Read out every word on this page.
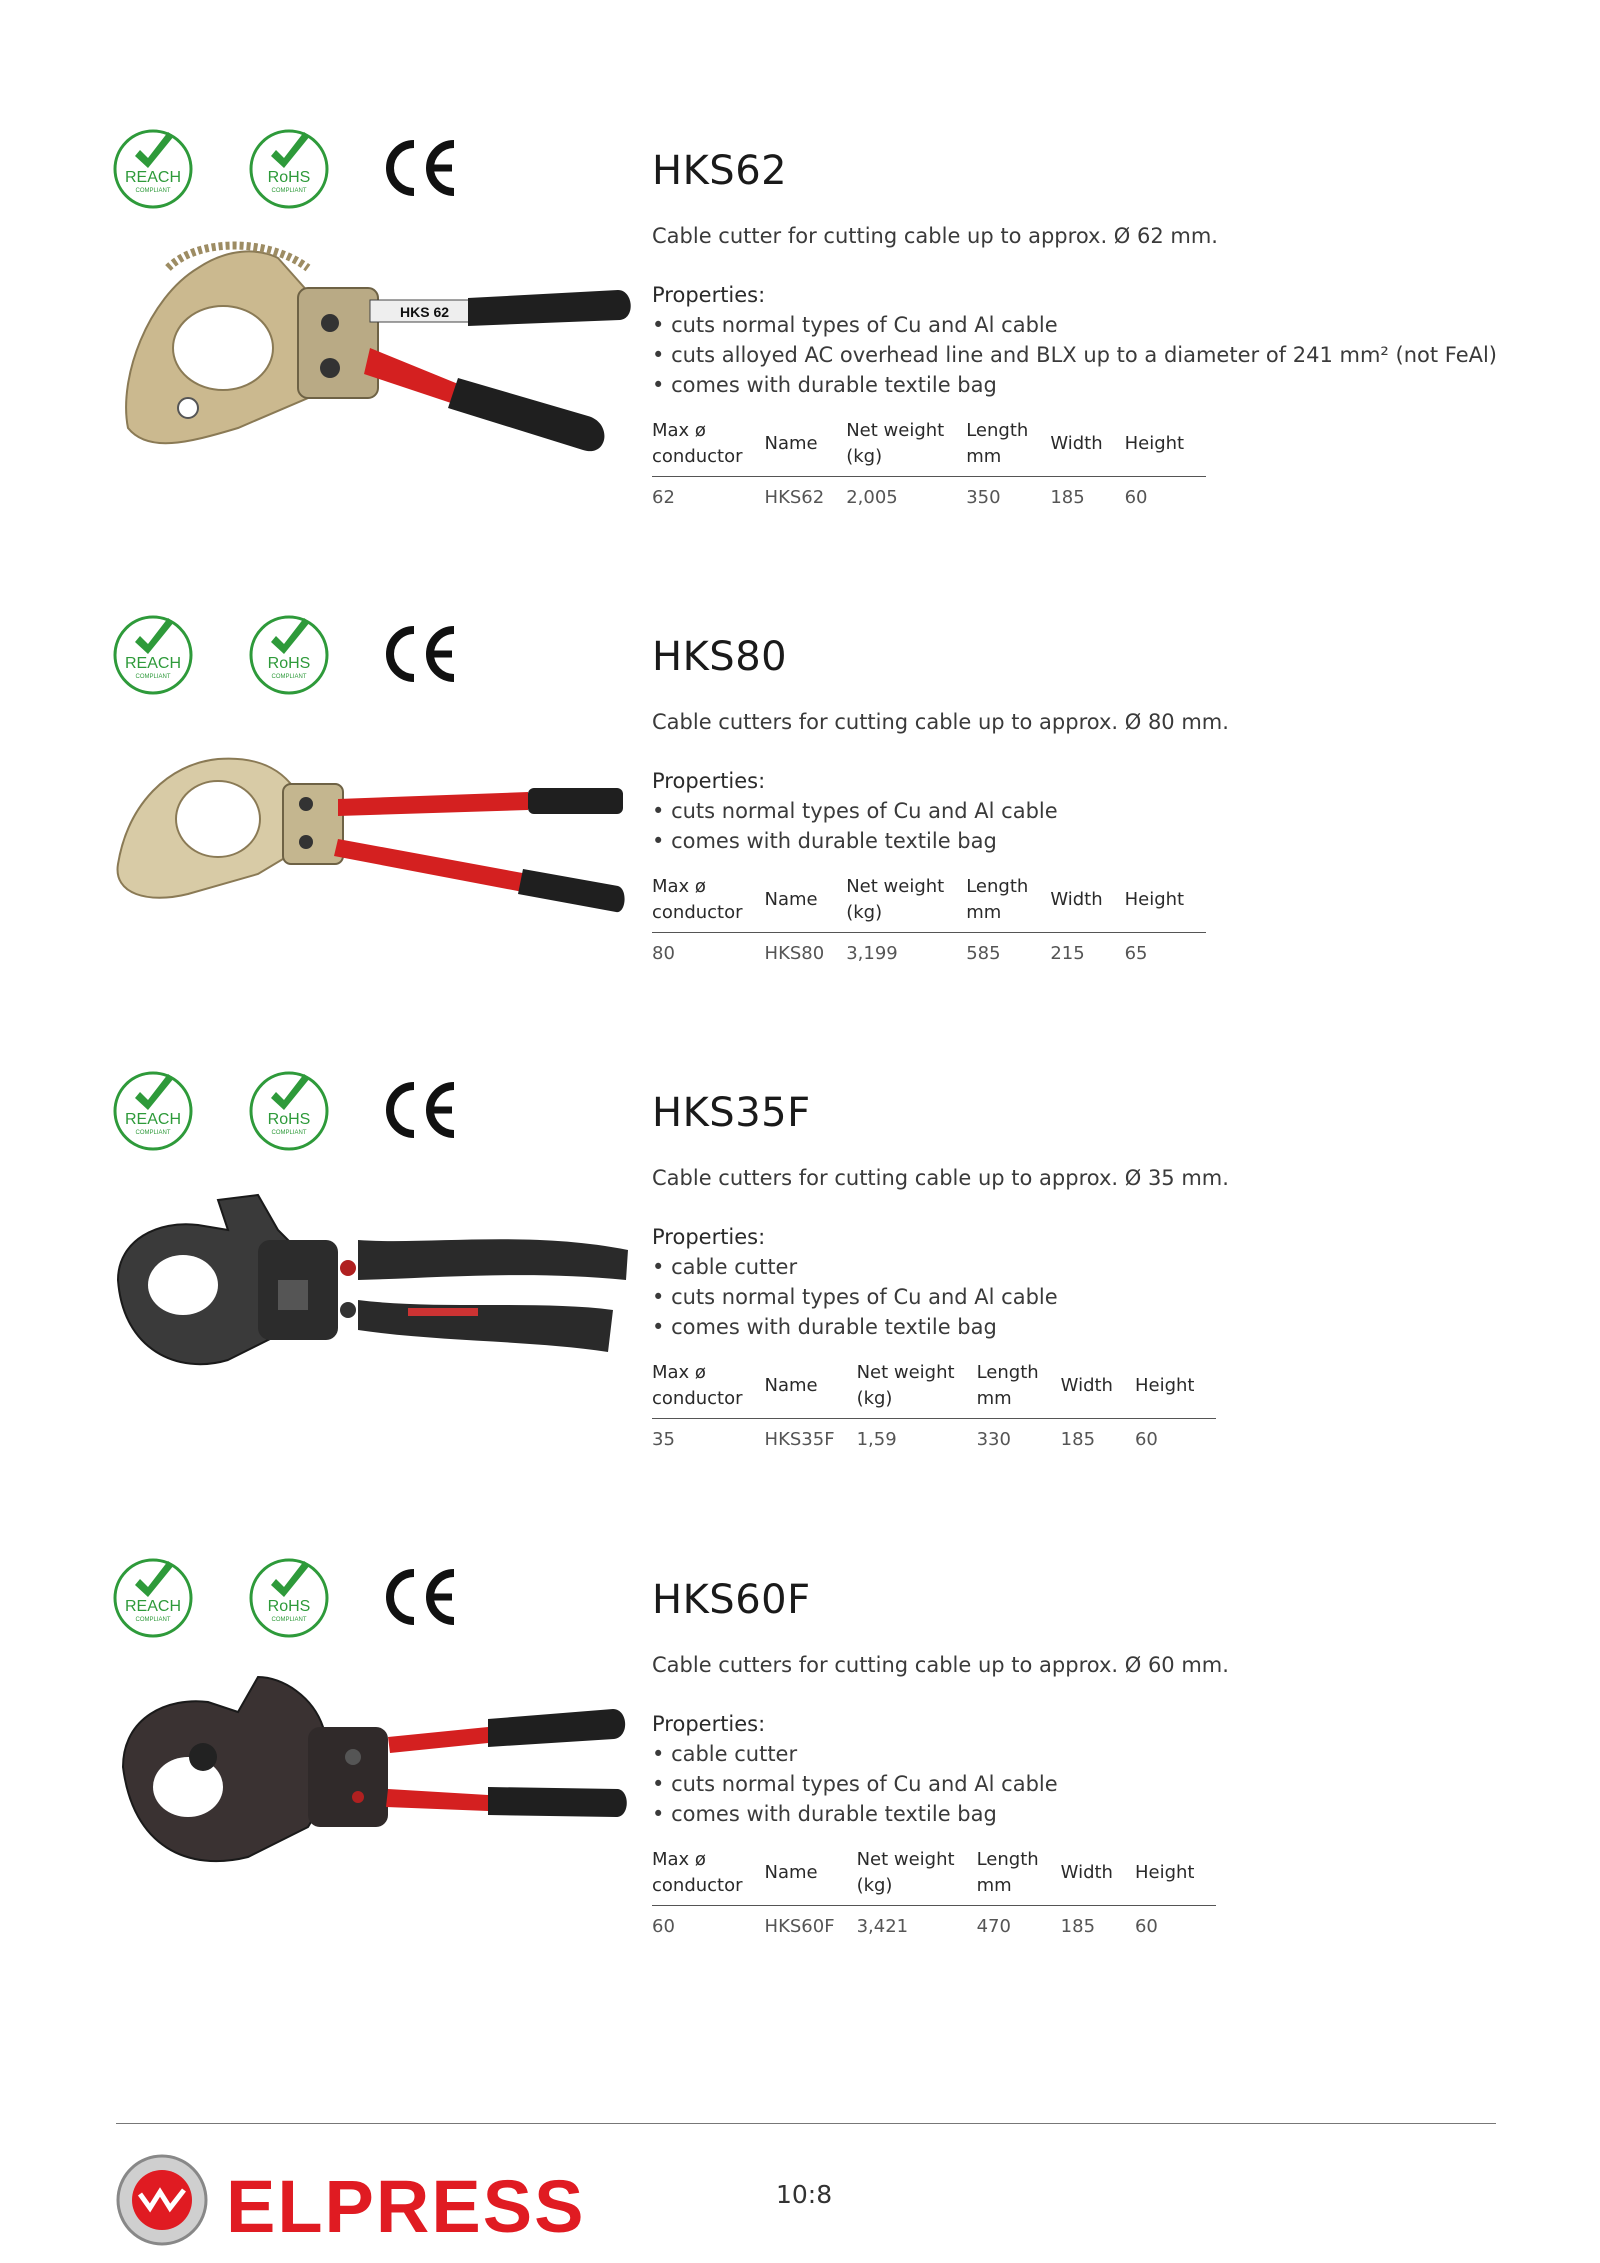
REACH
COMPLIANT
RoHS
COMPLIANT
HKS 62
HKS62
Cable cutter for cutting cable up to approx. Ø 62 mm.
Properties:
• cuts normal types of Cu and Al cable
• cuts alloyed AC overhead line and BLX up to a diameter of 241 mm² (not FeAl)
• comes with durable textile bag
Max ø
conductor	Name	Net weight
(kg)	Length
mm	Width	Height
62	HKS62	2,005	350	185	60
REACH
COMPLIANT
RoHS
COMPLIANT	HKS80
Cable cutters for cutting cable up to approx. Ø 80 mm.
Properties:
• cuts normal types of Cu and Al cable
• comes with durable textile bag
Max ø
conductor	Name	Net weight
(kg)	Length
mm	Width	Height
80	HKS80	3,199	585	215	65
REACH
COMPLIANT
RoHS
COMPLIANT	HKS35F
Cable cutters for cutting cable up to approx. Ø 35 mm.
Properties:
• cable cutter
• cuts normal types of Cu and Al cable
• comes with durable textile bag
Max ø
conductor	Name	Net weight
(kg)	Length
mm	Width	Height
35	HKS35F	1,59	330	185	60
REACH
COMPLIANT
RoHS
COMPLIANT	HKS60F
Cable cutters for cutting cable up to approx. Ø 60 mm.
Properties:
• cable cutter
• cuts normal types of Cu and Al cable
• comes with durable textile bag
Max ø
conductor	Name	Net weight
(kg)	Length
mm	Width	Height
60	HKS60F	3,421	470	185	60
ELPRESS	10:8
